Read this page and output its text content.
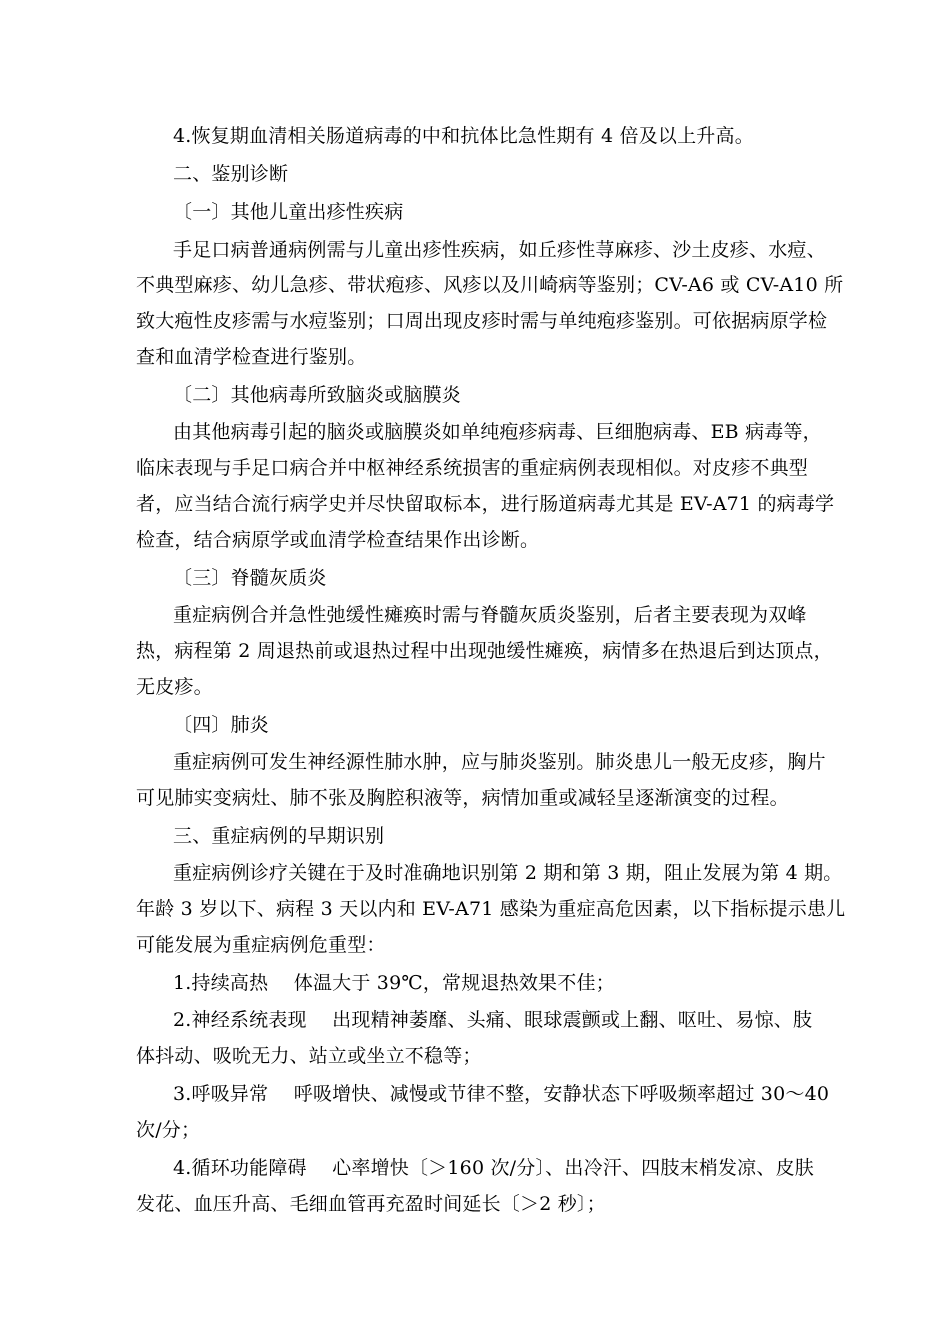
4.恢复期血清相关肠道病毒的中和抗体比急性期有 4 倍及以上升高。
二、鉴别诊断
〔一〕其他儿童出疹性疾病
手足口病普通病例需与儿童出疹性疾病，如丘疹性荨麻疹、沙土皮疹、水痘、
不典型麻疹、幼儿急疹、带状疱疹、风疹以及川崎病等鉴别；CV-A6 或 CV-A10 所
致大疱性皮疹需与水痘鉴别；口周出现皮疹时需与单纯疱疹鉴别。可依据病原学检
查和血清学检查进行鉴别。
〔二〕其他病毒所致脑炎或脑膜炎
由其他病毒引起的脑炎或脑膜炎如单纯疱疹病毒、巨细胞病毒、EB 病毒等，
临床表现与手足口病合并中枢神经系统损害的重症病例表现相似。对皮疹不典型
者，应当结合流行病学史并尽快留取标本，进行肠道病毒尤其是 EV-A71 的病毒学
检查，结合病原学或血清学检查结果作出诊断。
〔三〕脊髓灰质炎
重症病例合并急性弛缓性瘫痪时需与脊髓灰质炎鉴别，后者主要表现为双峰
热，病程第 2 周退热前或退热过程中出现弛缓性瘫痪，病情多在热退后到达顶点，
无皮疹。
〔四〕肺炎
重症病例可发生神经源性肺水肿，应与肺炎鉴别。肺炎患儿一般无皮疹，胸片
可见肺实变病灶、肺不张及胸腔积液等，病情加重或减轻呈逐渐演变的过程。
三、重症病例的早期识别
重症病例诊疗关键在于及时准确地识别第 2 期和第 3 期，阻止发展为第 4 期。
年龄 3 岁以下、病程 3 天以内和 EV-A71 感染为重症高危因素，以下指标提示患儿
可能发展为重症病例危重型：
1.持续高热　 体温大于 39℃，常规退热效果不佳；
2.神经系统表现　 出现精神萎靡、头痛、眼球震颤或上翻、呕吐、易惊、肢
体抖动、吸吮无力、站立或坐立不稳等；
3.呼吸异常　 呼吸增快、减慢或节律不整，安静状态下呼吸频率超过 30～40
次/分；
4.循环功能障碍　 心率增快〔＞160 次/分〕、出冷汗、四肢末梢发凉、皮肤
发花、血压升高、毛细血管再充盈时间延长〔＞2 秒〕；
